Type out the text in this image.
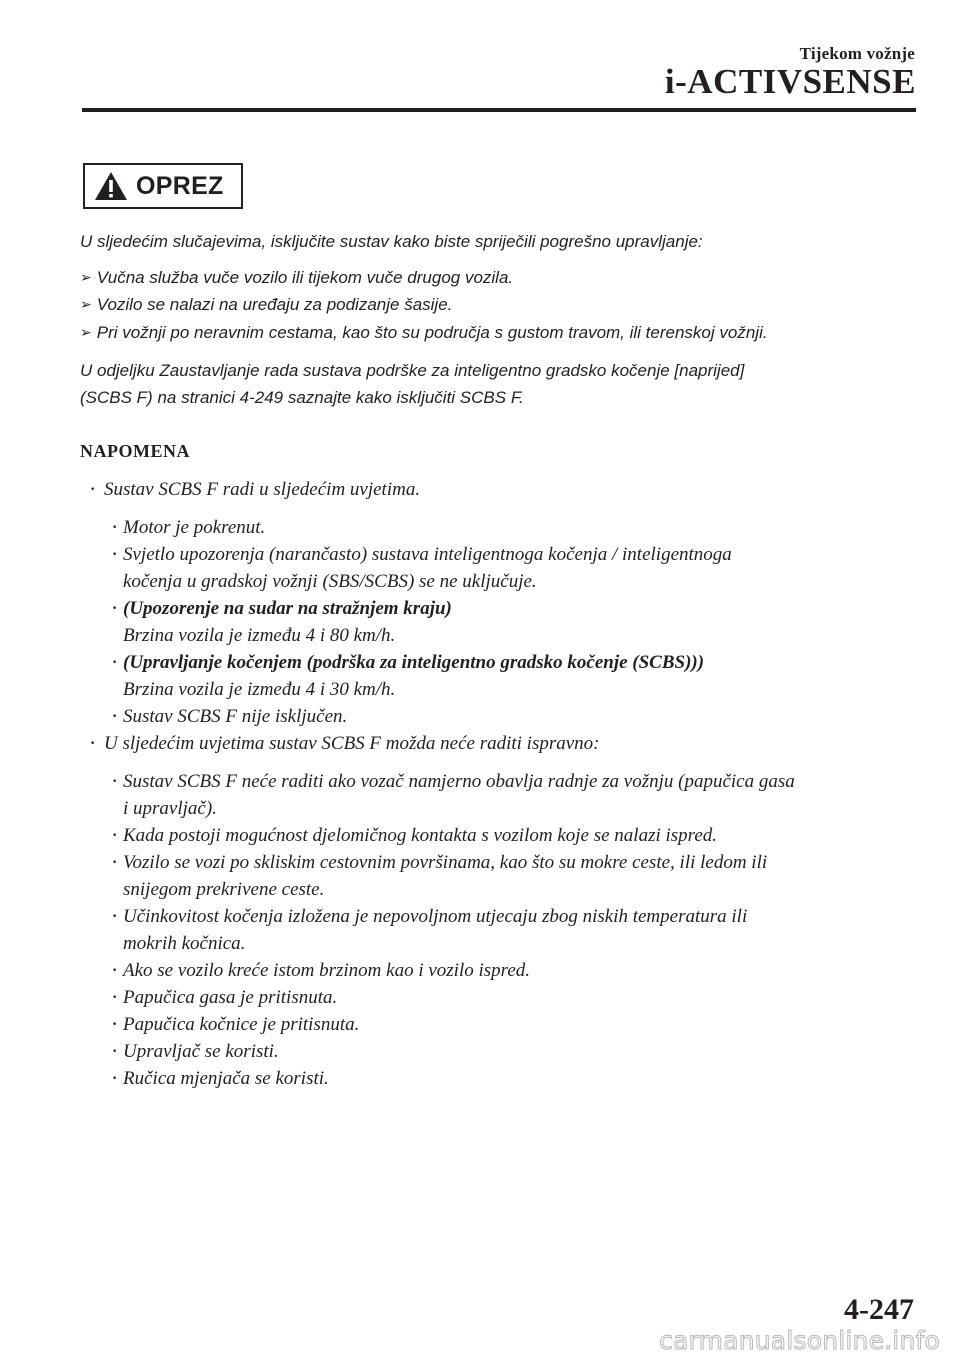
Tijekom vožnje
i-ACTIVSENSE
OPREZ
U sljedećim slučajevima, isključite sustav kako biste spriječili pogrešno upravljanje:
➢ Vučna služba vuče vozilo ili tijekom vuče drugog vozila.
➢ Vozilo se nalazi na uređaju za podizanje šasije.
➢ Pri vožnji po neravnim cestama, kao što su područja s gustom travom, ili terenskoj vožnji.
U odjeljku Zaustavljanje rada sustava podrške za inteligentno gradsko kočenje [naprijed]
(SCBS F) na stranici 4-249 saznajte kako isključiti SCBS F.
NAPOMENA
· Sustav SCBS F radi u sljedećim uvjetima.
· Motor je pokrenut.
· Svjetlo upozorenja (narančasto) sustava inteligentnoga kočenja / inteligentnoga
kočenja u gradskoj vožnji (SBS/SCBS) se ne uključuje.
· (Upozorenje na sudar na stražnjem kraju)
Brzina vozila je između 4 i 80 km/h.
· (Upravljanje kočenjem (podrška za inteligentno gradsko kočenje (SCBS)))
Brzina vozila je između 4 i 30 km/h.
· Sustav SCBS F nije isključen.
· U sljedećim uvjetima sustav SCBS F možda neće raditi ispravno:
· Sustav SCBS F neće raditi ako vozač namjerno obavlja radnje za vožnju (papučica gasa
i upravljač).
· Kada postoji mogućnost djelomičnog kontakta s vozilom koje se nalazi ispred.
· Vozilo se vozi po skliskim cestovnim površinama, kao što su mokre ceste, ili ledom ili
snijegom prekrivene ceste.
· Učinkovitost kočenja izložena je nepovoljnom utjecaju zbog niskih temperatura ili
mokrih kočnica.
· Ako se vozilo kreće istom brzinom kao i vozilo ispred.
· Papučica gasa je pritisnuta.
· Papučica kočnice je pritisnuta.
· Upravljač se koristi.
· Ručica mjenjača se koristi.
4-247
carmanualsonline.info
